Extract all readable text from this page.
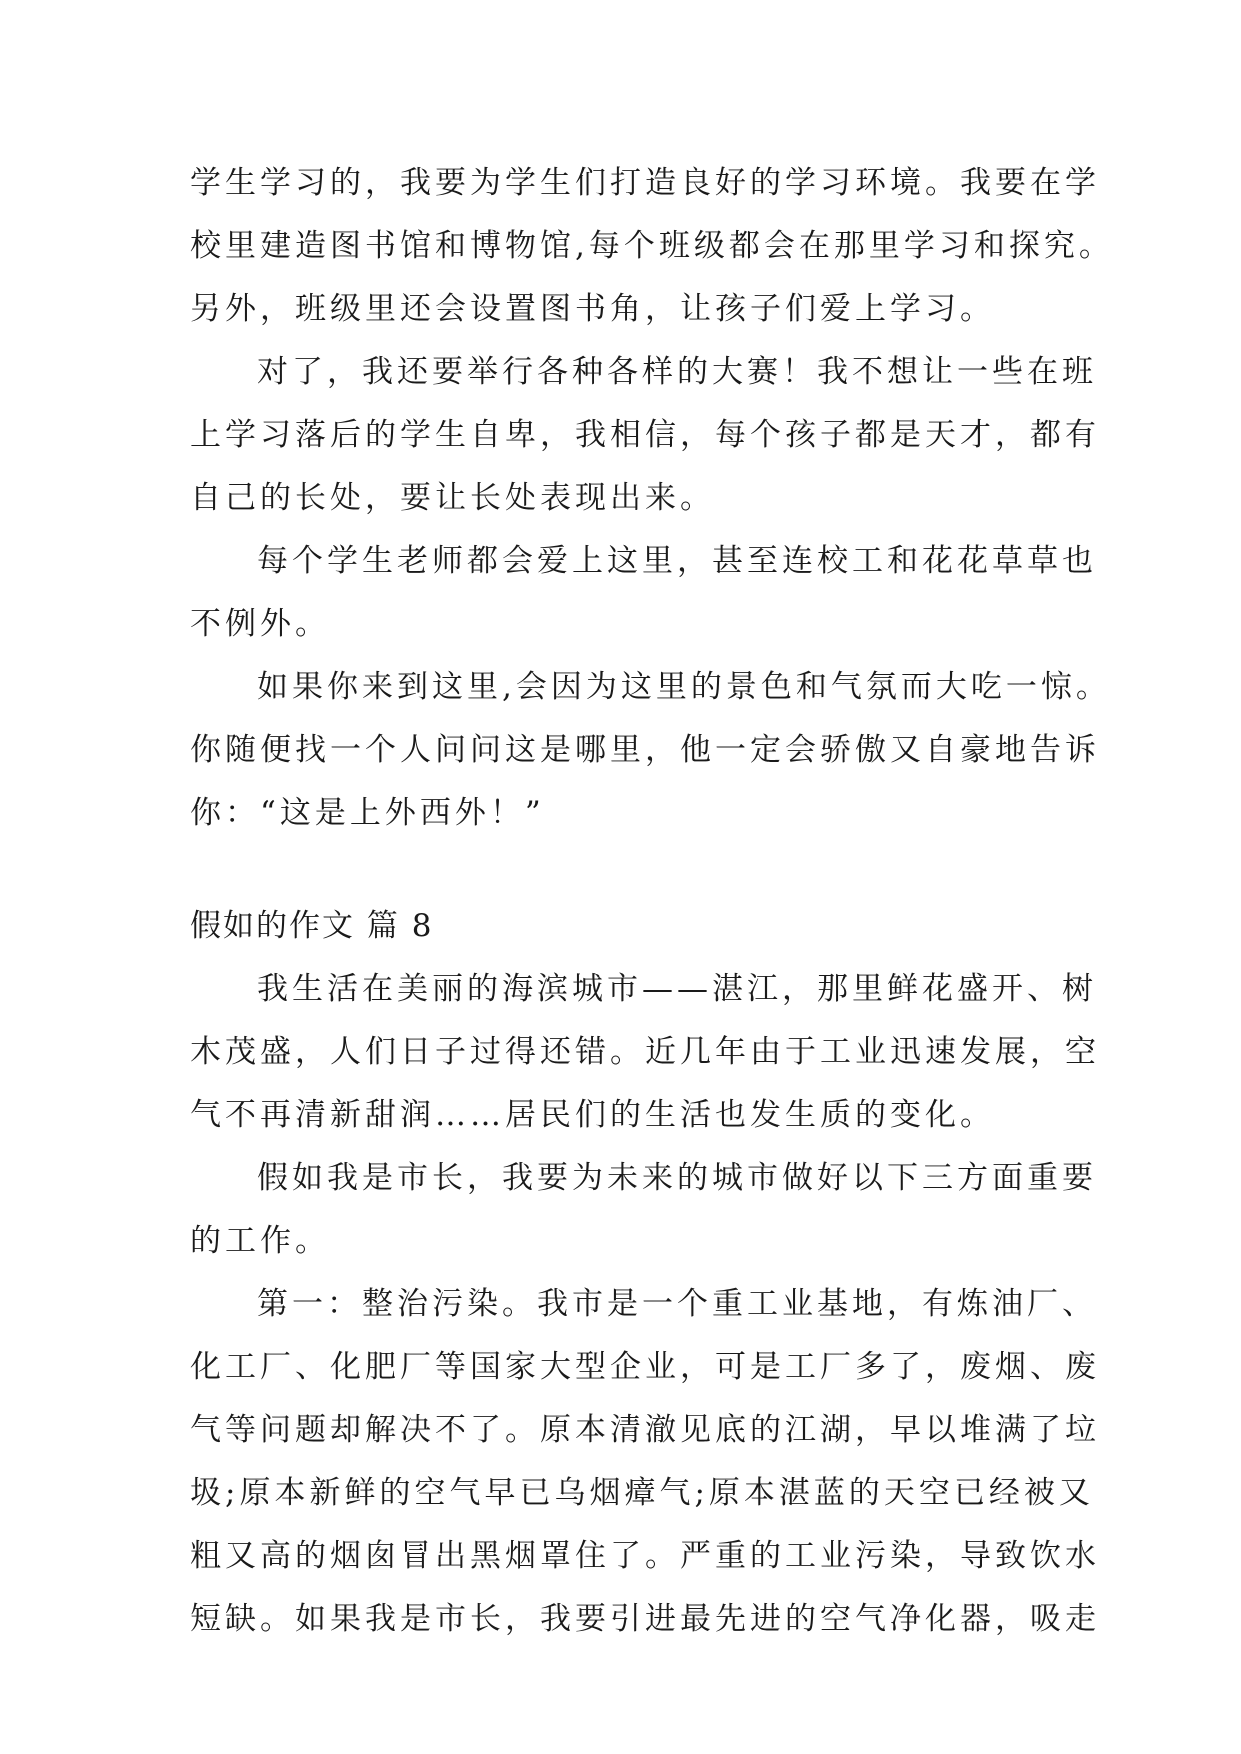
学生学习的，我要为学生们打造良好的学习环境。我要在学
校里建造图书馆和博物馆,每个班级都会在那里学习和探究。
另外，班级里还会设置图书角，让孩子们爱上学习。
对了，我还要举行各种各样的大赛！我不想让一些在班
上学习落后的学生自卑，我相信，每个孩子都是天才，都有
自己的长处，要让长处表现出来。
每个学生老师都会爱上这里，甚至连校工和花花草草也
不例外。
如果你来到这里,会因为这里的景色和气氛而大吃一惊。
你随便找一个人问问这是哪里，他一定会骄傲又自豪地告诉
你：“这是上外西外！”
假如的作文 篇 8
我生活在美丽的海滨城市——湛江，那里鲜花盛开、树
木茂盛，人们日子过得还错。近几年由于工业迅速发展，空
气不再清新甜润……居民们的生活也发生质的变化。
假如我是市长，我要为未来的城市做好以下三方面重要
的工作。
第一：整治污染。我市是一个重工业基地，有炼油厂、
化工厂、化肥厂等国家大型企业，可是工厂多了，废烟、废
气等问题却解决不了。原本清澈见底的江湖，早以堆满了垃
圾;原本新鲜的空气早已乌烟瘴气;原本湛蓝的天空已经被又
粗又高的烟囱冒出黑烟罩住了。严重的工业污染，导致饮水
短缺。如果我是市长，我要引进最先进的空气净化器，吸走
